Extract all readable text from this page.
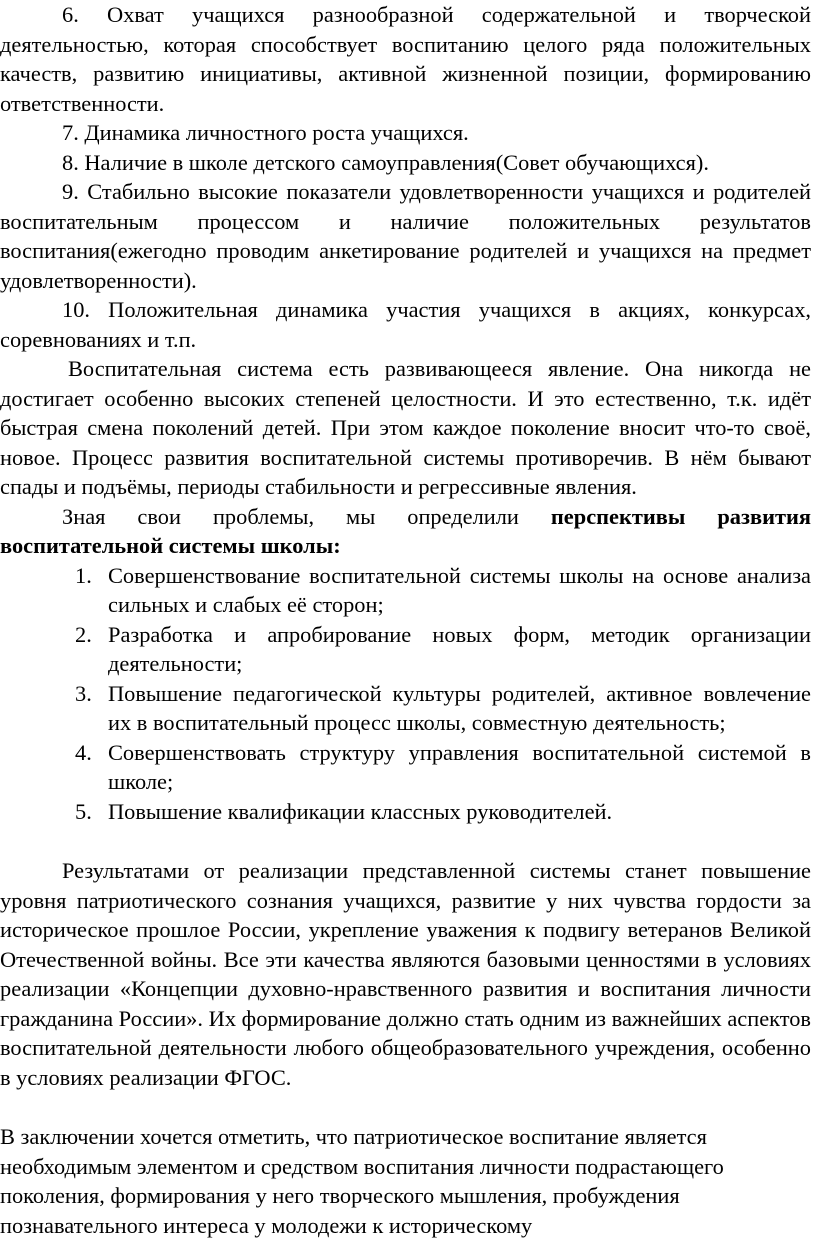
6. Охват учащихся разнообразной содержательной и творческой деятельностью, которая способствует воспитанию целого ряда положительных качеств, развитию инициативы, активной жизненной позиции, формированию ответственности.

7. Динамика личностного роста учащихся.

8. Наличие в школе детского самоуправления(Совет обучающихся).

9. Стабильно высокие показатели удовлетворенности учащихся и родителей воспитательным процессом и наличие положительных результатов воспитания(ежегодно проводим анкетирование родителей и учащихся на предмет удовлетворенности).

10. Положительная динамика участия учащихся в акциях, конкурсах, соревнованиях и т.п.

Воспитательная система есть развивающееся явление. Она никогда не достигает особенно высоких степеней целостности. И это естественно, т.к. идёт быстрая смена поколений детей. При этом каждое поколение вносит что-то своё, новое. Процесс развития воспитательной системы противоречив. В нём бывают спады и подъёмы, периоды стабильности и регрессивные явления.

Зная свои проблемы, мы определили перспективы развития воспитательной системы школы:

1. Совершенствование воспитательной системы школы на основе анализа сильных и слабых её сторон;
2. Разработка и апробирование новых форм, методик организации деятельности;
3. Повышение педагогической культуры родителей, активное вовлечение их в воспитательный процесс школы, совместную деятельность;
4. Совершенствовать структуру управления воспитательной системой в школе;
5. Повышение квалификации классных руководителей.

Результатами от реализации представленной системы станет повышение уровня патриотического сознания учащихся, развитие у них чувства гордости за историческое прошлое России, укрепление уважения к подвигу ветеранов Великой Отечественной войны. Все эти качества являются базовыми ценностями в условиях реализации «Концепции духовно-нравственного развития и воспитания личности гражданина России». Их формирование должно стать одним из важнейших аспектов воспитательной деятельности любого общеобразовательного учреждения, особенно в условиях реализации ФГОС.

В заключении хочется отметить, что патриотическое воспитание является необходимым элементом и средством воспитания личности подрастающего поколения, формирования у него творческого мышления, пробуждения познавательного интереса у молодежи к историческому
